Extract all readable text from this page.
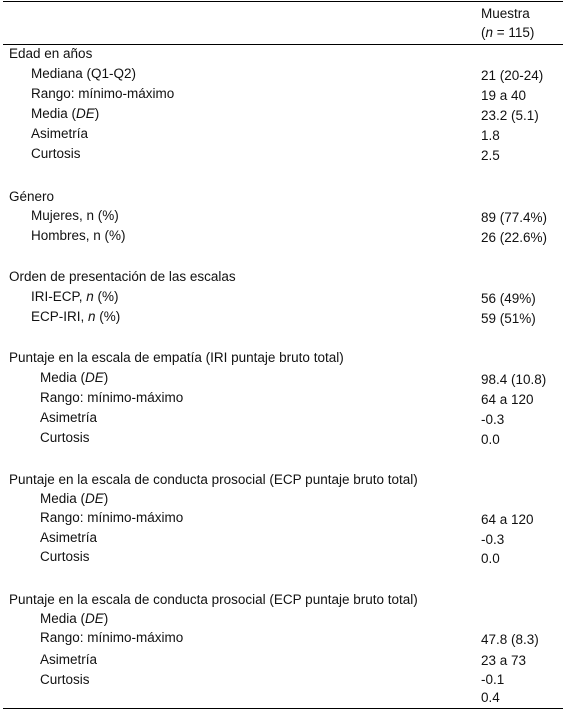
Muestra
(n = 115)
Edad en años
Mediana (Q1-Q2)	21 (20-24)
Rango: mínimo-máximo	19 a 40
Media (DE)	23.2 (5.1)
Asimetría	1.8
Curtosis	2.5
Género
Mujeres, n (%)	89 (77.4%)
Hombres, n (%)	26 (22.6%)
Orden de presentación de las escalas
IRI-ECP, n (%)	56 (49%)
ECP-IRI, n (%)	59 (51%)
Puntaje en la escala de empatía (IRI puntaje bruto total)
Media (DE)	98.4 (10.8)
Rango: mínimo-máximo	64 a 120
Asimetría	-0.3
Curtosis	0.0
Puntaje en la escala de conducta prosocial (ECP puntaje bruto total)
Media (DE)
Rango: mínimo-máximo	64 a 120
Asimetría	-0.3
Curtosis	0.0
Puntaje en la escala de conducta prosocial (ECP puntaje bruto total)
Media (DE)
Rango: mínimo-máximo	47.8 (8.3)
Asimetría	23 a 73
Curtosis	-0.1
0.4
